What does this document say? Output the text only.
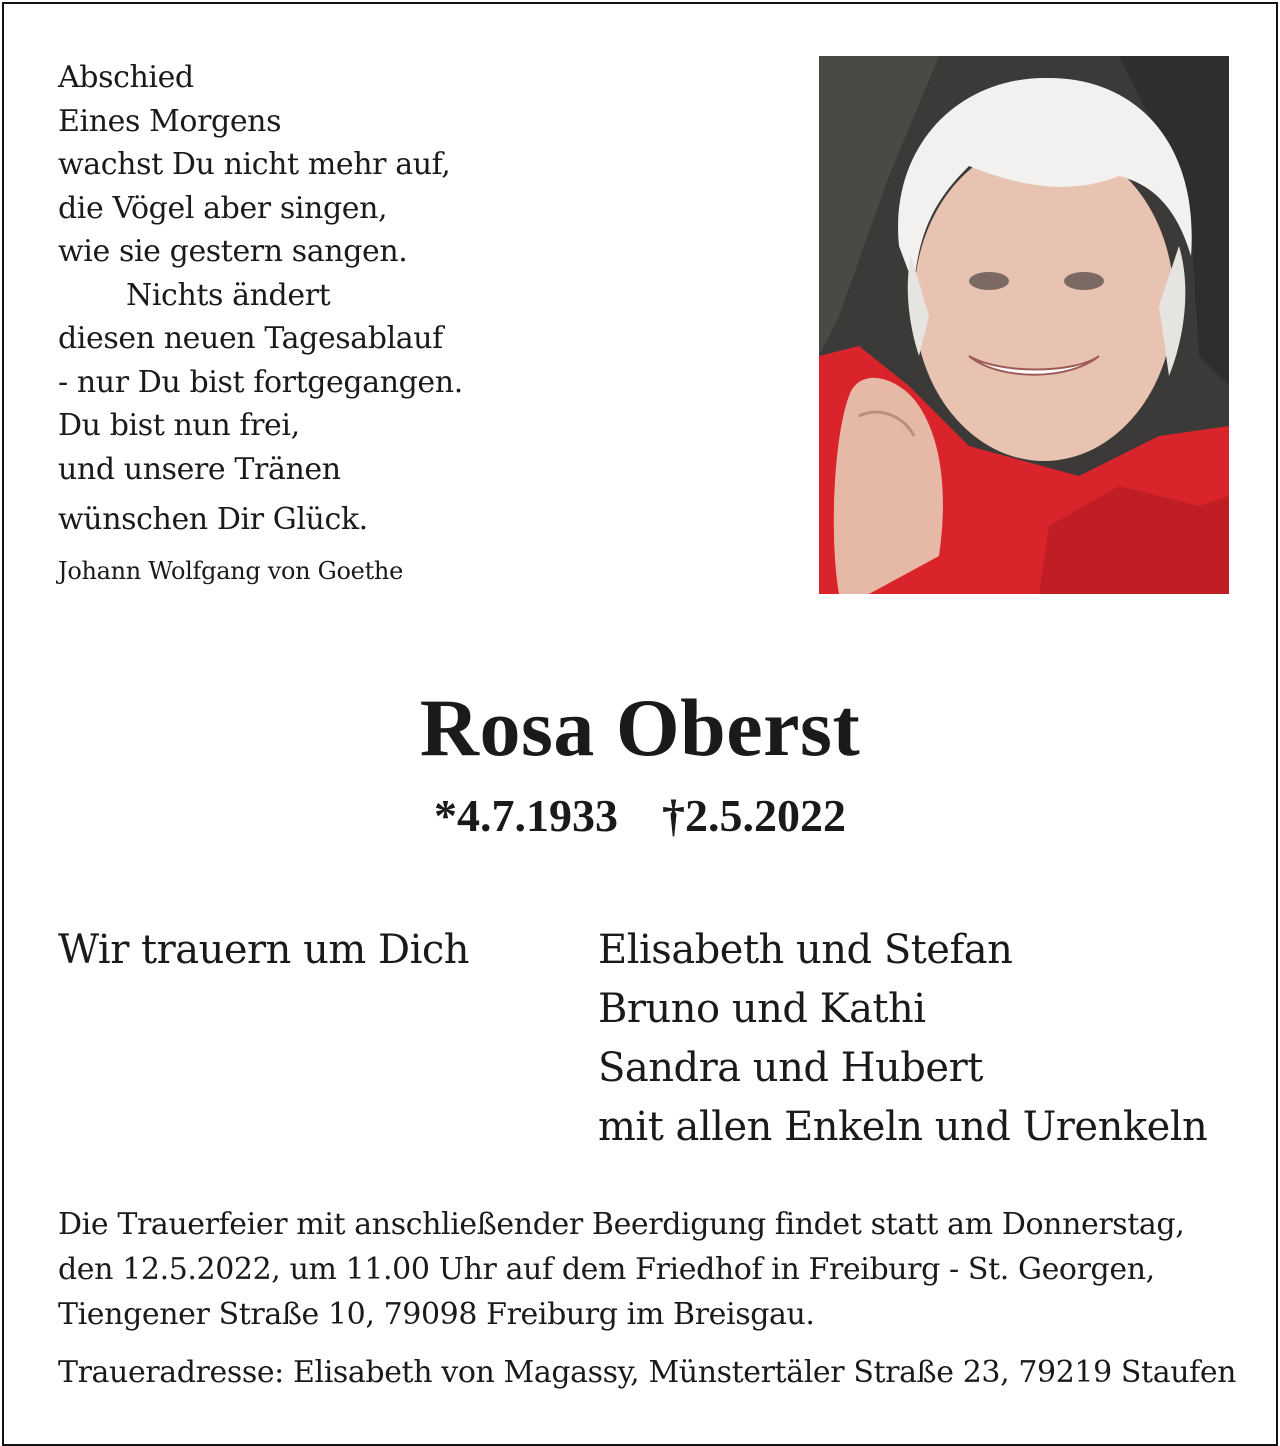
Abschied
Eines Morgens
wachst Du nicht mehr auf,
die Vögel aber singen,
wie sie gestern sangen.
Nichts ändert
diesen neuen Tagesablauf
- nur Du bist fortgegangen.
Du bist nun frei,
und unsere Tränen
wünschen Dir Glück.
Johann Wolfgang von Goethe
Rosa Oberst
*4.7.1933 †2.5.2022
Wir trauern um Dich	Elisabeth und Stefan
Bruno und Kathi
Sandra und Hubert
mit allen Enkeln und Urenkeln
Die Trauerfeier mit anschließender Beerdigung findet statt am Donnerstag,
den 12.5.2022, um 11.00 Uhr auf dem Friedhof in Freiburg - St. Georgen,
Tiengener Straße 10, 79098 Freiburg im Breisgau.
Traueradresse: Elisabeth von Magassy, Münstertäler Straße 23, 79219 Staufen
